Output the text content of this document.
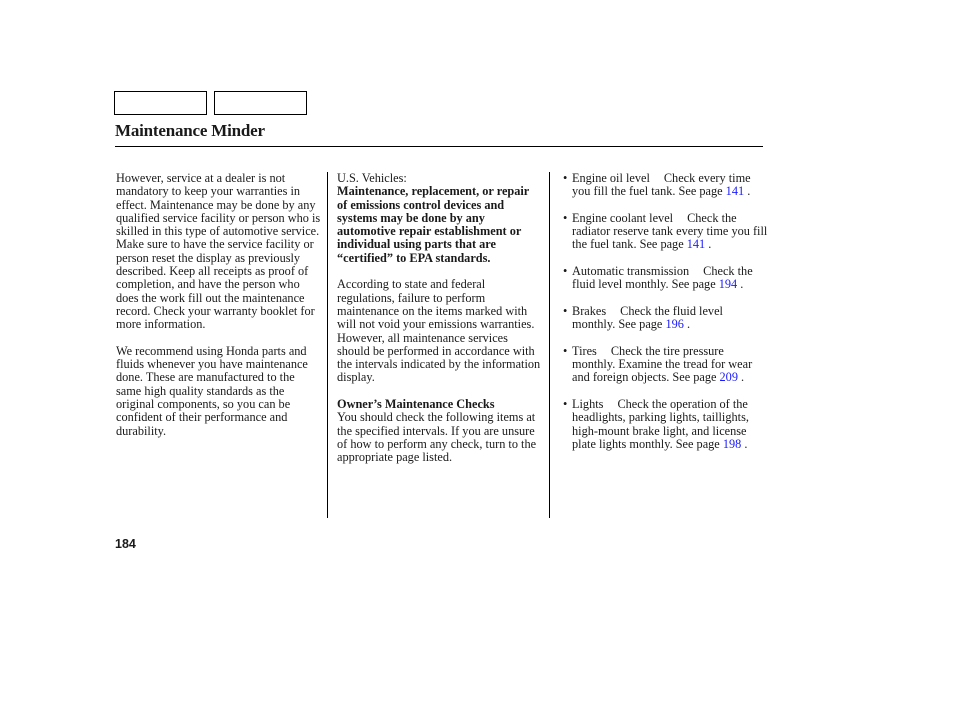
Maintenance Minder

However, service at a dealer is not mandatory to keep your warranties in effect. Maintenance may be done by any qualified service facility or person who is skilled in this type of automotive service. Make sure to have the service facility or person reset the display as previously described. Keep all receipts as proof of completion, and have the person who does the work fill out the maintenance record. Check your warranty booklet for more information.

We recommend using Honda parts and fluids whenever you have maintenance done. These are manufactured to the same high quality standards as the original components, so you can be confident of their performance and durability.

U.S. Vehicles:

Maintenance, replacement, or repair of emissions control devices and systems may be done by any automotive repair establishment or individual using parts that are “certified” to EPA standards.

According to state and federal regulations, failure to perform maintenance on the items marked withwill not void your emissions warranties. However, all maintenance services should be performed in accordance with the intervals indicated by the information display.

Owner’s Maintenance Checks

You should check the following items at the specified intervals. If you are unsure of how to perform any check, turn to the appropriate page listed.

• Engine oil level Check every time you fill the fuel tank. See page 141 .
• Engine coolant level Check the radiator reserve tank every time you fill the fuel tank. See page 141 .
• Automatic transmission Check the fluid level monthly. See page 194 .
• Brakes Check the fluid level monthly. See page 196 .
• Tires Check the tire pressure monthly. Examine the tread for wear and foreign objects. See page 209 .
• Lights Check the operation of the headlights, parking lights, taillights, high-mount brake light, and license plate lights monthly. See page 198 .
184
